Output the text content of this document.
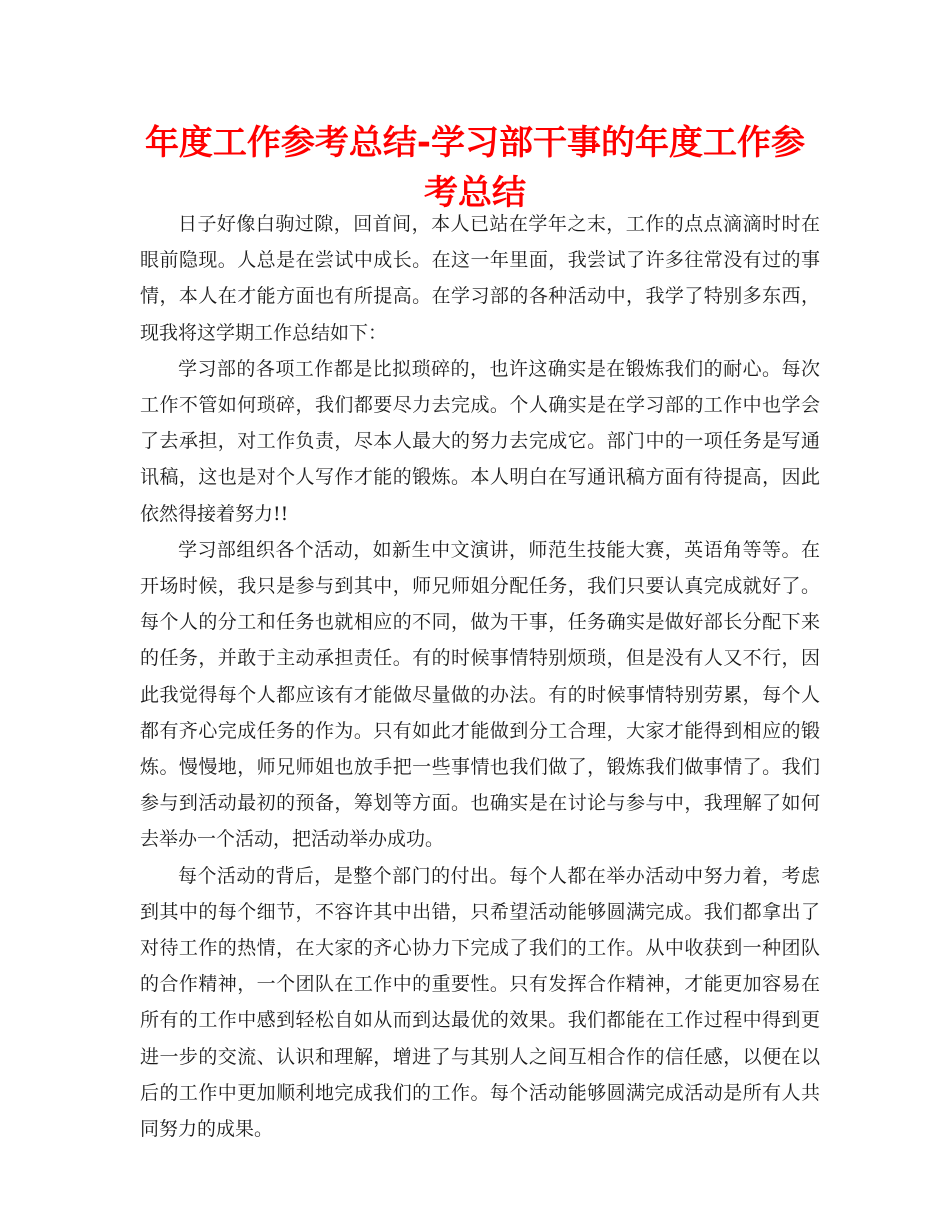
年度工作参考总结-学习部干事的年度工作参考总结

日子好像白驹过隙，回首间，本人已站在学年之末，工作的点点滴滴时时在眼前隐现。人总是在尝试中成长。在这一年里面，我尝试了许多往常没有过的事情，本人在才能方面也有所提高。在学习部的各种活动中，我学了特别多东西，现我将这学期工作总结如下：

学习部的各项工作都是比拟琐碎的，也许这确实是在锻炼我们的耐心。每次工作不管如何琐碎，我们都要尽力去完成。个人确实是在学习部的工作中也学会了去承担，对工作负责，尽本人最大的努力去完成它。部门中的一项任务是写通讯稿，这也是对个人写作才能的锻炼。本人明白在写通讯稿方面有待提高，因此依然得接着努力!!

学习部组织各个活动，如新生中文演讲，师范生技能大赛，英语角等等。在开场时候，我只是参与到其中，师兄师姐分配任务，我们只要认真完成就好了。每个人的分工和任务也就相应的不同，做为干事，任务确实是做好部长分配下来的任务，并敢于主动承担责任。有的时候事情特别烦琐，但是没有人又不行，因此我觉得每个人都应该有才能做尽量做的办法。有的时候事情特别劳累，每个人都有齐心完成任务的作为。只有如此才能做到分工合理，大家才能得到相应的锻炼。慢慢地，师兄师姐也放手把一些事情也我们做了，锻炼我们做事情了。我们参与到活动最初的预备，筹划等方面。也确实是在讨论与参与中，我理解了如何去举办一个活动，把活动举办成功。

每个活动的背后，是整个部门的付出。每个人都在举办活动中努力着，考虑到其中的每个细节，不容许其中出错，只希望活动能够圆满完成。我们都拿出了对待工作的热情，在大家的齐心协力下完成了我们的工作。从中收获到一种团队的合作精神，一个团队在工作中的重要性。只有发挥合作精神，才能更加容易在所有的工作中感到轻松自如从而到达最优的效果。我们都能在工作过程中得到更进一步的交流、认识和理解，增进了与其别人之间互相合作的信任感，以便在以后的工作中更加顺利地完成我们的工作。每个活动能够圆满完成活动是所有人共同努力的成果。
